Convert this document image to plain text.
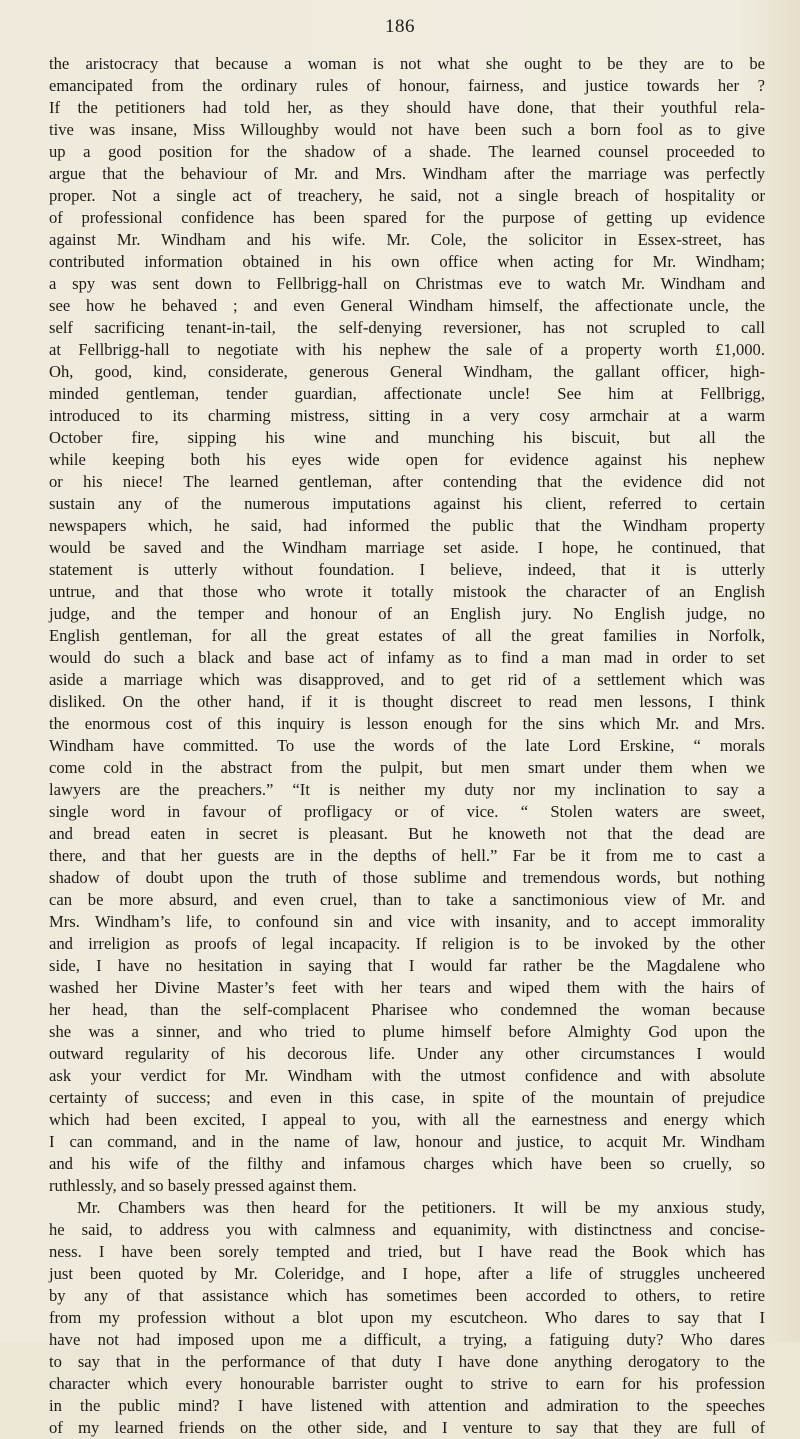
186

the aristocracy that because a woman is not what she ought to be they are to be
emancipated from the ordinary rules of honour, fairness, and justice towards her ?
If the petitioners had told her, as they should have done, that their youthful rela-
tive was insane, Miss Willoughby would not have been such a born fool as to give
up a good position for the shadow of a shade. The learned counsel proceeded to
argue that the behaviour of Mr. and Mrs. Windham after the marriage was perfectly
proper. Not a single act of treachery, he said, not a single breach of hospitality or
of professional confidence has been spared for the purpose of getting up evidence
against Mr. Windham and his wife. Mr. Cole, the solicitor in Essex-street, has
contributed information obtained in his own office when acting for Mr. Windham;
a spy was sent down to Fellbrigg-hall on Christmas eve to watch Mr. Windham and
see how he behaved ; and even General Windham himself, the affectionate uncle, the
self sacrificing tenant-in-tail, the self-denying reversioner, has not scrupled to call
at Fellbrigg-hall to negotiate with his nephew the sale of a property worth £1,000.
Oh, good, kind, considerate, generous General Windham, the gallant officer, high-
minded gentleman, tender guardian, affectionate uncle! See him at Fellbrigg,
introduced to its charming mistress, sitting in a very cosy armchair at a warm
October fire, sipping his wine and munching his biscuit, but all the
while keeping both his eyes wide open for evidence against his nephew
or his niece! The learned gentleman, after contending that the evidence did not
sustain any of the numerous imputations against his client, referred to certain
newspapers which, he said, had informed the public that the Windham property
would be saved and the Windham marriage set aside. I hope, he continued, that
statement is utterly without foundation. I believe, indeed, that it is utterly
untrue, and that those who wrote it totally mistook the character of an English
judge, and the temper and honour of an English jury. No English judge, no
English gentleman, for all the great estates of all the great families in Norfolk,
would do such a black and base act of infamy as to find a man mad in order to set
aside a marriage which was disapproved, and to get rid of a settlement which was
disliked. On the other hand, if it is thought discreet to read men lessons, I think
the enormous cost of this inquiry is lesson enough for the sins which Mr. and Mrs.
Windham have committed. To use the words of the late Lord Erskine, “ morals
come cold in the abstract from the pulpit, but men smart under them when we
lawyers are the preachers.” “It is neither my duty nor my inclination to say a
single word in favour of profligacy or of vice. “ Stolen waters are sweet,
and bread eaten in secret is pleasant. But he knoweth not that the dead are
there, and that her guests are in the depths of hell.” Far be it from me to cast a
shadow of doubt upon the truth of those sublime and tremendous words, but nothing
can be more absurd, and even cruel, than to take a sanctimonious view of Mr. and
Mrs. Windham’s life, to confound sin and vice with insanity, and to accept immorality
and irreligion as proofs of legal incapacity. If religion is to be invoked by the other
side, I have no hesitation in saying that I would far rather be the Magdalene who
washed her Divine Master’s feet with her tears and wiped them with the hairs of
her head, than the self-complacent Pharisee who condemned the woman because
she was a sinner, and who tried to plume himself before Almighty God upon the
outward regularity of his decorous life. Under any other circumstances I would
ask your verdict for Mr. Windham with the utmost confidence and with absolute
certainty of success; and even in this case, in spite of the mountain of prejudice
which had been excited, I appeal to you, with all the earnestness and energy which
I can command, and in the name of law, honour and justice, to acquit Mr. Windham
and his wife of the filthy and infamous charges which have been so cruelly, so
ruthlessly, and so basely pressed against them.

Mr. Chambers was then heard for the petitioners. It will be my anxious study,
he said, to address you with calmness and equanimity, with distinctness and concise-
ness. I have been sorely tempted and tried, but I have read the Book which has
just been quoted by Mr. Coleridge, and I hope, after a life of struggles uncheered
by any of that assistance which has sometimes been accorded to others, to retire
from my profession without a blot upon my escutcheon. Who dares to say that I
have not had imposed upon me a difficult, a trying, a fatiguing duty? Who dares
to say that in the performance of that duty I have done anything derogatory to the
character which every honourable barrister ought to strive to earn for his profession
in the public mind? I have listened with attention and admiration to the speeches
of my learned friends on the other side, and I venture to say that they are full of
